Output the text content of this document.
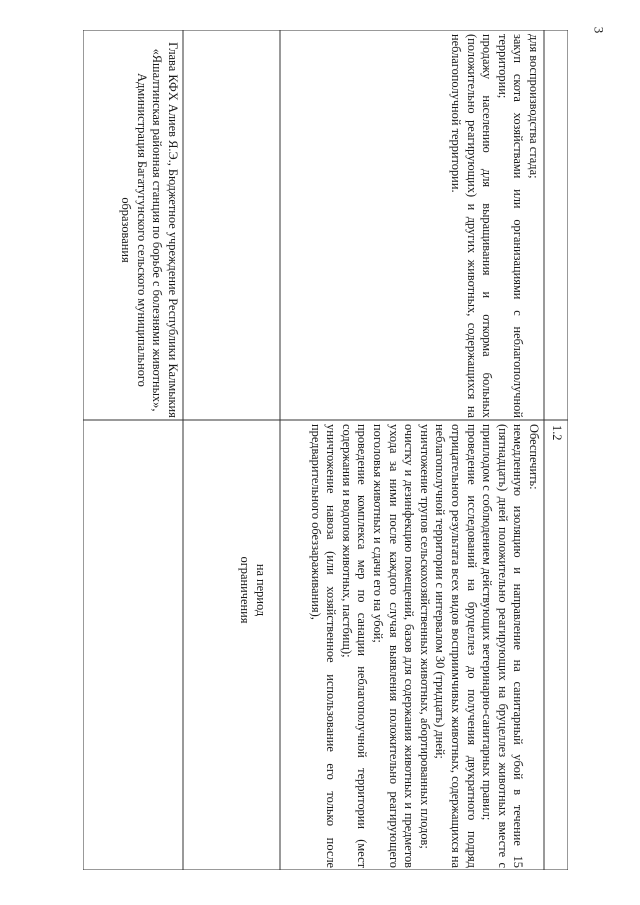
3

для воспроизводства стада;

закуп скота хозяйствами или организациями с неблагополучной территории;

продажу населению для выращивания и откорма больных (положительно реагирующих) и других животных, содержащихся на неблагополучной территории.

Глава КФХ Алиев Я.Э., Бюджетное учреждение Республики Калмыкия «Яшалтинская районная станция по борьбе с болезнями животных», Администрация Багатугунского сельского муниципального образования
1.2

Обеспечить:

немедленную изоляцию и направление на санитарный убой в течение 15 (пятнадцать) дней положительно реагирующих на бруцеллез животных вместе с приплодом с соблюдением действующих ветеринарно-санитарных правил;

проведение исследований на бруцеллез до получения двукратного подряд отрицательного результата всех видов восприимчивых животных, содержащихся на неблагополучной территории с интервалом 30 (тридцать) дней;

уничтожение трупов сельскохозяйственных животных, абортированных плодов;

очистку и дезинфекцию помещений, базов для содержания животных и предметов ухода за ними после каждого случая выявления положительно реагирующего поголовья животных и сдачи его на убой;

проведение комплекса мер по санации неблагополучной территории (мест содержания и водопоя животных, пастбищ);

уничтожение навоза (или хозяйственное использование его только после предварительного обеззараживания),

на период ограничения
